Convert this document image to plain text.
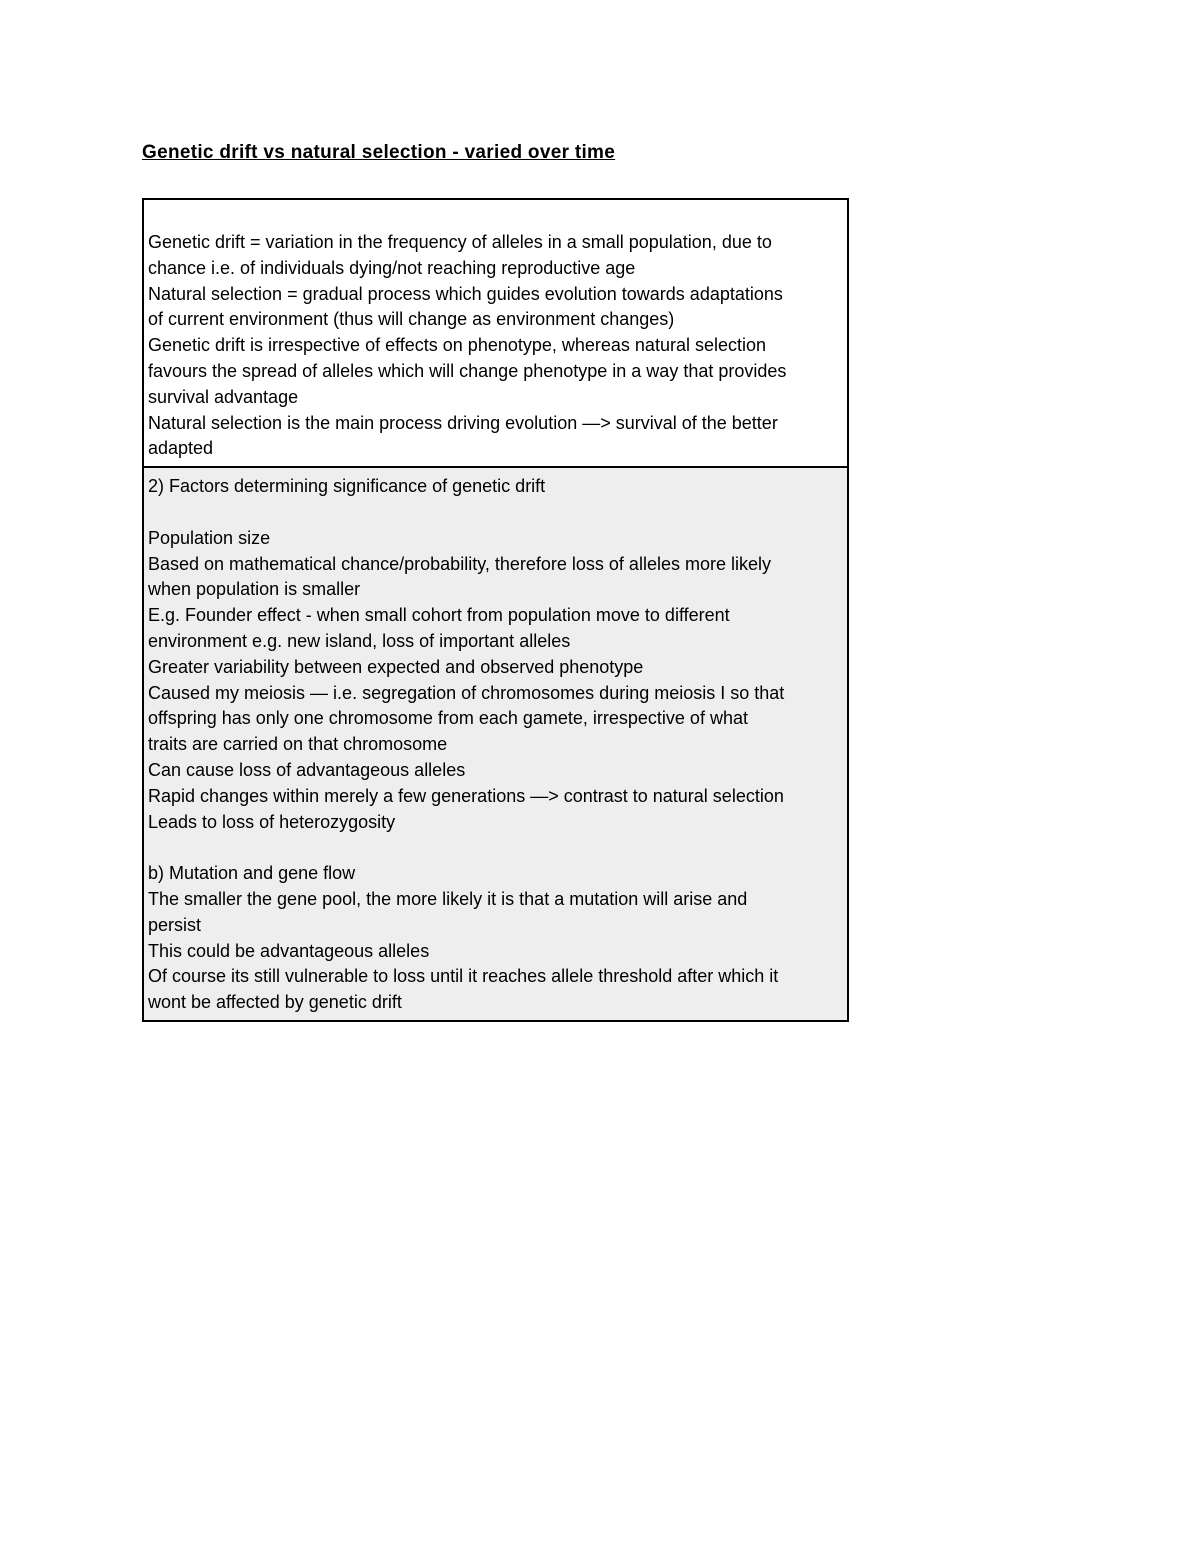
Genetic drift vs natural selection - varied over time
Genetic drift = variation in the frequency of alleles in a small population, due to
chance i.e. of individuals dying/not reaching reproductive age
Natural selection = gradual process which guides evolution towards adaptations
of current environment (thus will change as environment changes)
Genetic drift is irrespective of effects on phenotype, whereas natural selection
favours the spread of alleles which will change phenotype in a way that provides
survival advantage
Natural selection is the main process driving evolution —> survival of the better
adapted
2) Factors determining significance of genetic drift
Population size
Based on mathematical chance/probability, therefore loss of alleles more likely
when population is smaller
E.g. Founder effect - when small cohort from population move to different
environment e.g. new island, loss of important alleles
Greater variability between expected and observed phenotype
Caused my meiosis — i.e. segregation of chromosomes during meiosis I so that
offspring has only one chromosome from each gamete, irrespective of what
traits are carried on that chromosome
Can cause loss of advantageous alleles
Rapid changes within merely a few generations —> contrast to natural selection
Leads to loss of heterozygosity
b) Mutation and gene flow
The smaller the gene pool, the more likely it is that a mutation will arise and
persist
This could be advantageous alleles
Of course its still vulnerable to loss until it reaches allele threshold after which it
wont be affected by genetic drift
